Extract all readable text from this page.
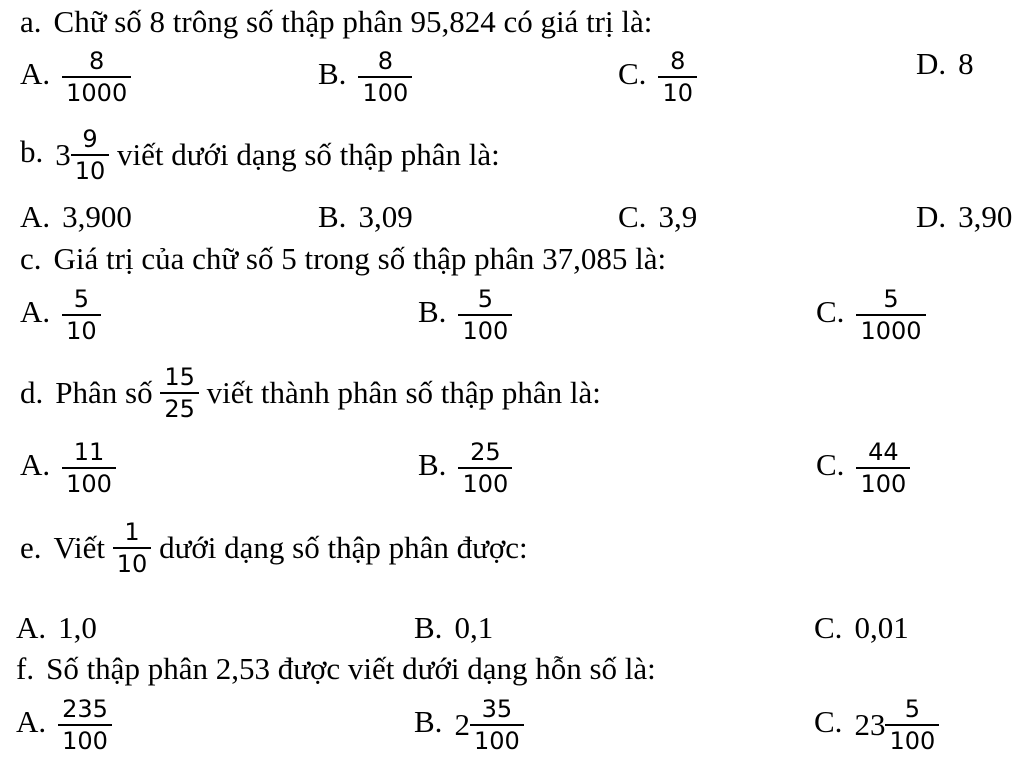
a. Chữ số 8 trông số thập phân 95,824 có giá trị là:
A. $\frac{8}{1000}$	B. $\frac{8}{100}$	C. $\frac{8}{10}$	D. 8
b. $3 \frac{9}{10}$ viết dưới dạng số thập phân là:
A. 3,900	B. 3,09	C. 3,9	D. 3,90
c. Giá trị của chữ số 5 trong số thập phân 37,085 là:
A. $\frac{5}{10}$	B. $\frac{5}{100}$	C. $\frac{5}{1000}$
d. Phân số $\frac{15}{25}$ viết thành phân số thập phân là:
A. $\frac{11}{100}$	B. $\frac{25}{100}$	C. $\frac{44}{100}$
e. Viết $\frac{1}{10}$ dưới dạng số thập phân được:
A. 1,0	B. 0,1	C. 0,01
f. Số thập phân 2,53 được viết dưới dạng hỗn số là:
A. $\frac{235}{100}$	B. $2 \frac{35}{100}$	C. $23 \frac{5}{100}$
